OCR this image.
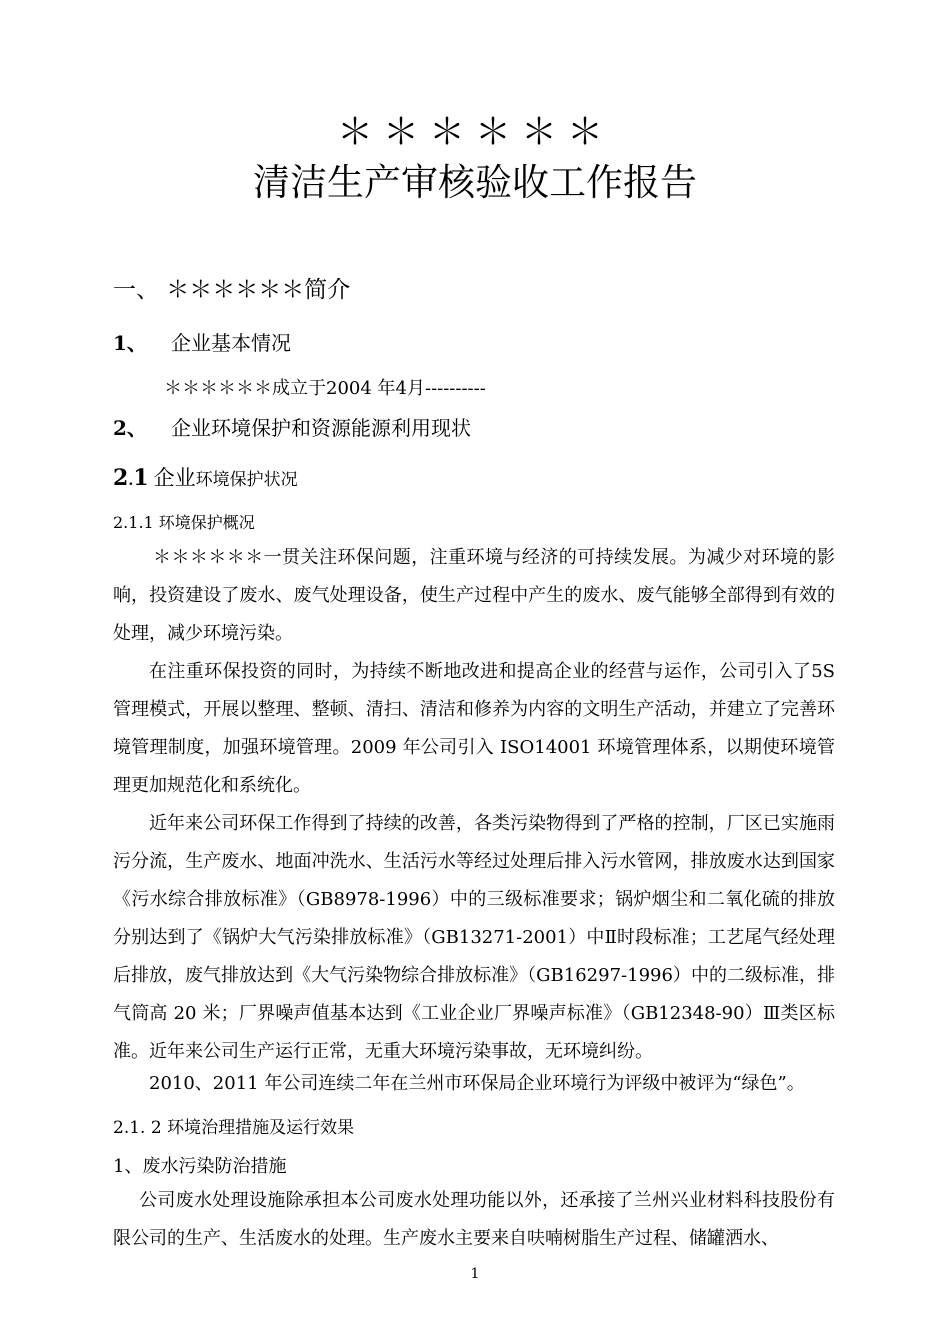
＊＊＊＊＊＊
清洁生产审核验收工作报告
一、 ＊＊＊＊＊＊简介
1、 企业基本情况
＊＊＊＊＊＊成立于2004 年4月----------
2、 企业环境保护和资源能源利用现状
2.1 企业环境保护状况
2.1.1 环境保护概况
＊＊＊＊＊＊一贯关注环保问题，注重环境与经济的可持续发展。为减少对环境的影响，投资建设了废水、废气处理设备，使生产过程中产生的废水、废气能够全部得到有效的处理，减少环境污染。
在注重环保投资的同时，为持续不断地改进和提高企业的经营与运作，公司引入了5S 管理模式，开展以整理、整顿、清扫、清洁和修养为内容的文明生产活动，并建立了完善环境管理制度，加强环境管理。2009 年公司引入 ISO14001 环境管理体系，以期使环境管理更加规范化和系统化。
近年来公司环保工作得到了持续的改善，各类污染物得到了严格的控制，厂区已实施雨污分流，生产废水、地面冲洗水、生活污水等经过处理后排入污水管网，排放废水达到国家《污水综合排放标准》（GB8978-1996）中的三级标准要求；锅炉烟尘和二氧化硫的排放分别达到了《锅炉大气污染排放标准》（GB13271-2001）中Ⅱ时段标准；工艺尾气经处理后排放，废气排放达到《大气污染物综合排放标准》（GB16297-1996）中的二级标准，排气筒高 20 米；厂界噪声值基本达到《工业企业厂界噪声标准》（GB12348-90）Ⅲ类区标准。近年来公司生产运行正常，无重大环境污染事故，无环境纠纷。
2010、2011 年公司连续二年在兰州市环保局企业环境行为评级中被评为“绿色”。
2.1. 2 环境治理措施及运行效果
1、废水污染防治措施
公司废水处理设施除承担本公司废水处理功能以外，还承接了兰州兴业材料科技股份有限公司的生产、生活废水的处理。生产废水主要来自呋喃树脂生产过程、储罐洒水、
1
